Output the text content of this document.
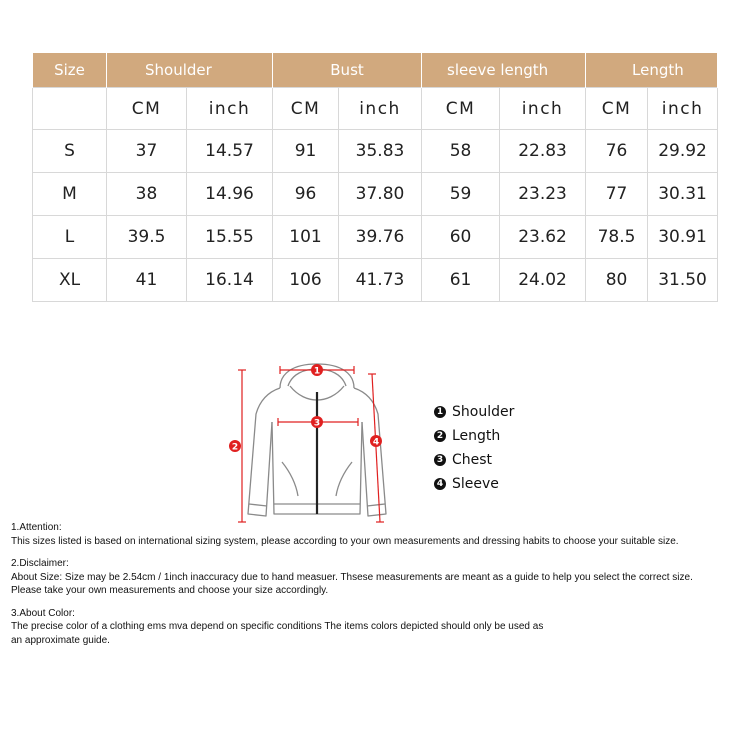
Size	Shoulder		Bust		sleeve length		Length	
	CM	inch	CM	inch	CM	inch	CM	inch
S	37	14.57	91	35.83	58	22.83	76	29.92
M	38	14.96	96	37.80	59	23.23	77	30.31
L	39.5	15.55	101	39.76	60	23.62	78.5	30.91
XL	41	16.14	106	41.73	61	24.02	80	31.50
1
3
2	4
1 Shoulder
2 Length
3 Chest
4 Sleeve

1.Attention:

This sizes listed is based on international sizing system, please according to your own measurements and dressing habits to choose your suitable size.

2.Disclaimer:

About Size: Size may be 2.54cm / 1inch inaccuracy due to hand measuer. Thsese measurements are meant as a guide to help you select the correct size.

Please take your own measurements and choose your size accordingly.

3.About Color:

The precise color of a clothing ems mva depend on specific conditions The items colors depicted should only be used as

an approximate guide.
